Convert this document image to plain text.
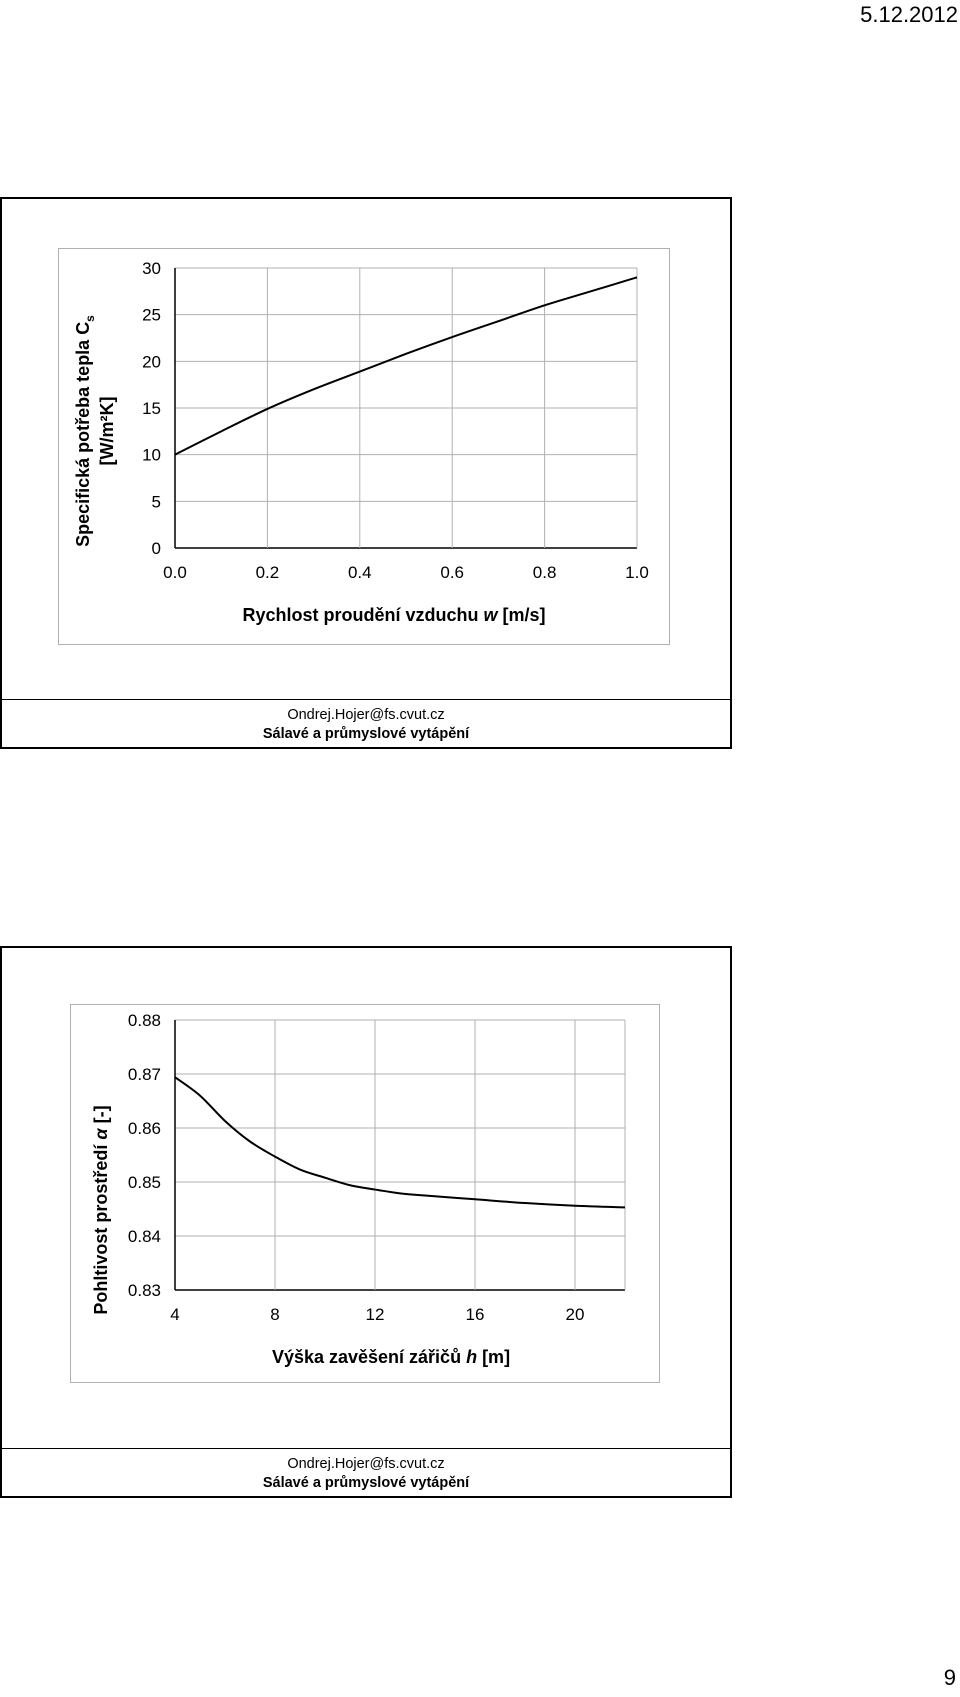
5.12.2012
0
5
10
15
20
25
30
0.0	0.2	0.4	0.6	0.8	1.0
Rychlost proudění vzduchu w [m/s]
Specifická potřeba tepla $C_s$
[W/m²K]
Ondrej.Hojer@fs.cvut.cz
Sálavé a průmyslové vytápění
0.83
0.84
0.85
0.86
0.87
0.88
4	8	12	16	20
Výška zavěšení zářičů h [m]
Pohltivost prostředí α [-]
Ondrej.Hojer@fs.cvut.cz
Sálavé a průmyslové vytápění
9
